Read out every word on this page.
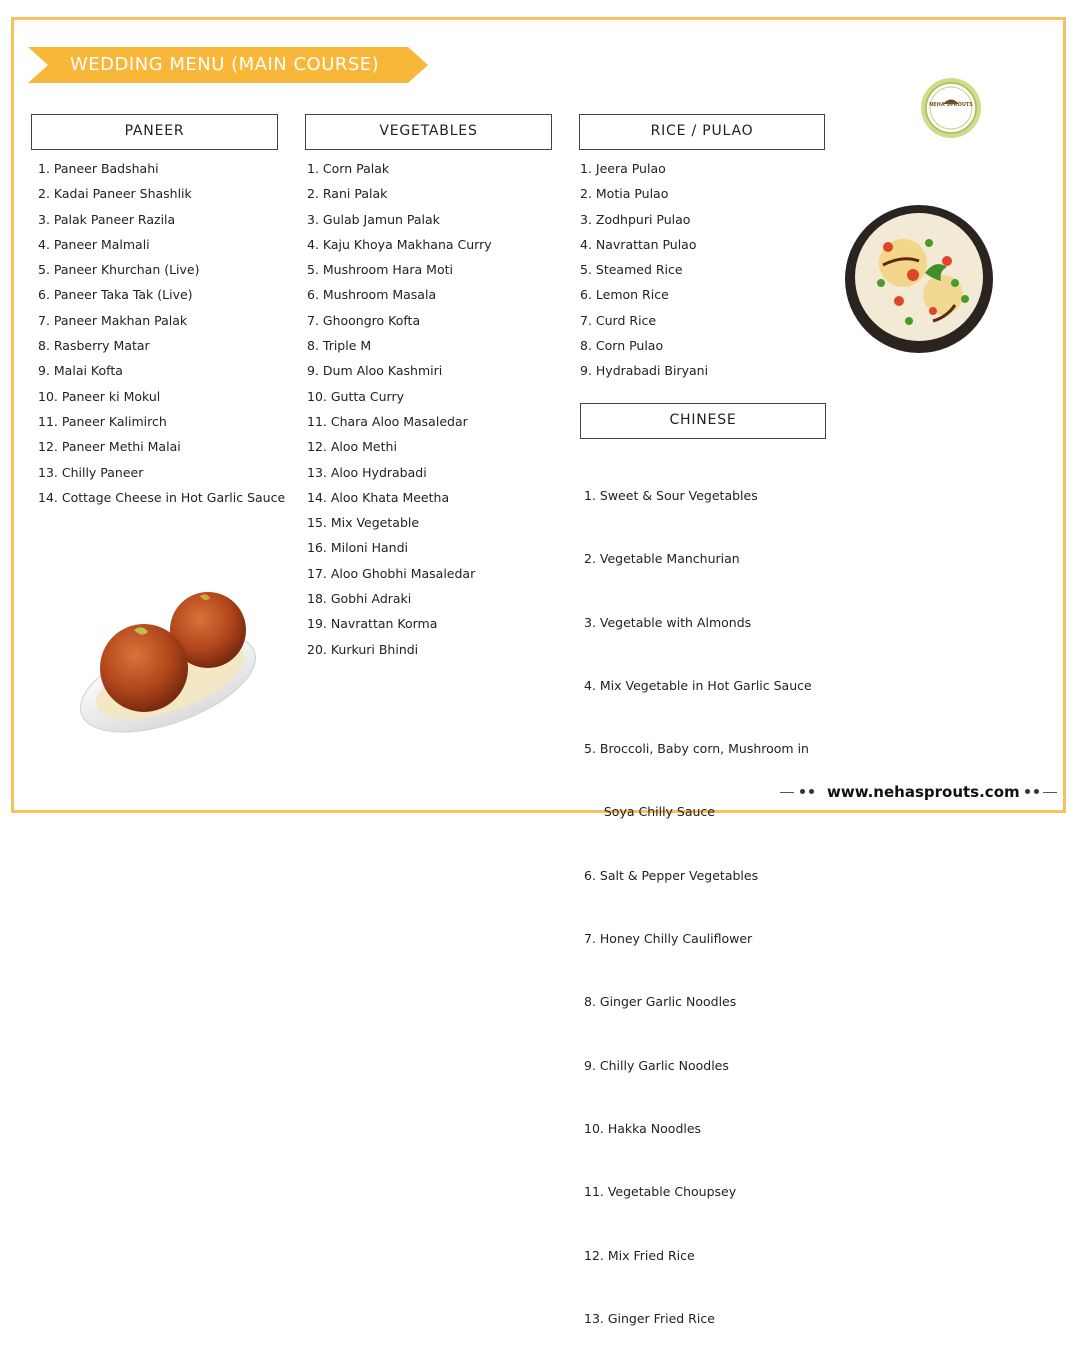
WEDDING MENU (MAIN COURSE)
NEHA SPROUTS
PANEER	VEGETABLES	RICE / PULAO
CHINESE
1. Paneer Badshahi
2. Kadai Paneer Shashlik
3. Palak Paneer Razila
4. Paneer Malmali
5. Paneer Khurchan (Live)
6. Paneer Taka Tak (Live)
7. Paneer Makhan Palak
8. Rasberry Matar
9. Malai Kofta
10. Paneer ki Mokul
11. Paneer Kalimirch
12. Paneer Methi Malai
13. Chilly Paneer
14. Cottage Cheese in Hot Garlic Sauce
1. Corn Palak
2. Rani Palak
3. Gulab Jamun Palak
4. Kaju Khoya Makhana Curry
5. Mushroom Hara Moti
6. Mushroom Masala
7. Ghoongro Kofta
8. Triple M
9. Dum Aloo Kashmiri
10. Gutta Curry
11. Chara Aloo Masaledar
12. Aloo Methi
13. Aloo Hydrabadi
14. Aloo Khata Meetha
15. Mix Vegetable
16. Miloni Handi
17. Aloo Ghobhi Masaledar
18. Gobhi Adraki
19. Navrattan Korma
20. Kurkuri Bhindi
1. Jeera Pulao
2. Motia Pulao
3. Zodhpuri Pulao
4. Navrattan Pulao
5. Steamed Rice
6. Lemon Rice
7. Curd Rice
8. Corn Pulao
9. Hydrabadi Biryani

1. Sweet & Sour Vegetables

2. Vegetable Manchurian

3. Vegetable with Almonds

4. Mix Vegetable in Hot Garlic Sauce

5. Broccoli, Baby corn, Mushroom in

Soya Chilly Sauce

6. Salt & Pepper Vegetables

7. Honey Chilly Cauliflower

8. Ginger Garlic Noodles

9. Chilly Garlic Noodles

10. Hakka Noodles

11. Vegetable Choupsey

12. Mix Fried Rice

13. Ginger Fried Rice

www.nehasprouts.com
